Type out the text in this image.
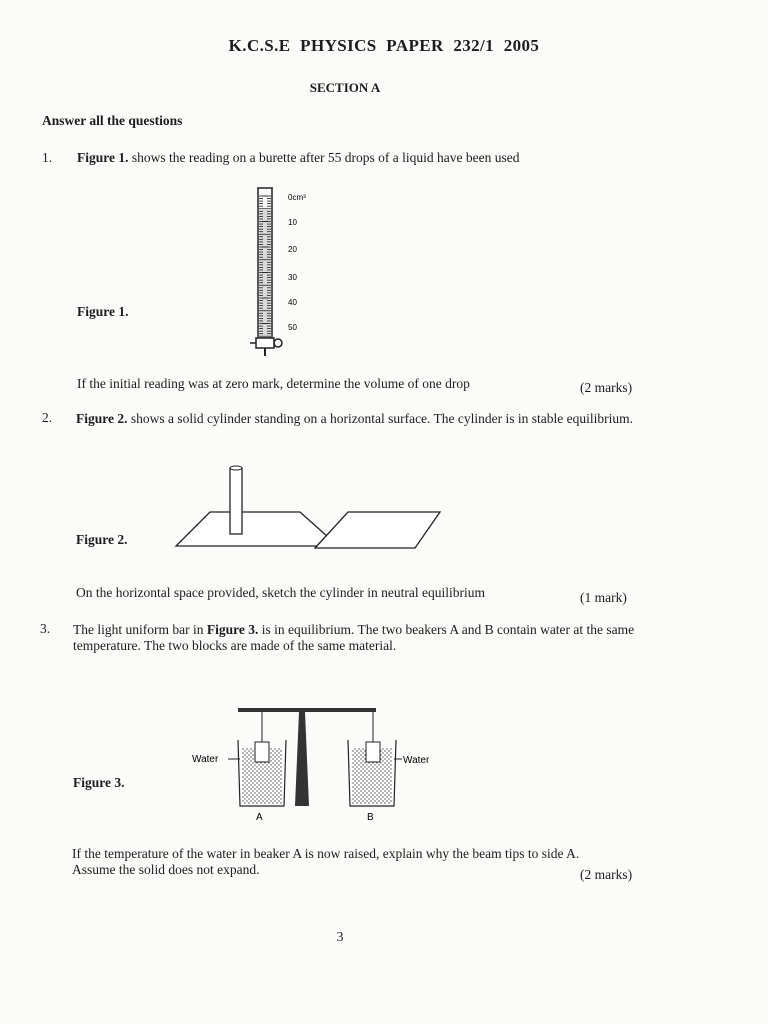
K.C.S.E PHYSICS PAPER 232/1 2005
SECTION A
Answer all the questions
1. Figure 1. shows the reading on a burette after 55 drops of a liquid have been used
0cm³
10
20
30
40
50
Figure 1.
If the initial reading was at zero mark, determine the volume of one drop	(2 marks)
2. Figure 2. shows a solid cylinder standing on a horizontal surface. The cylinder is in stable equilibrium.
Figure 2.
On the horizontal space provided, sketch the cylinder in neutral equilibrium	(1 mark)
3. The light uniform bar in Figure 3. is in equilibrium. The two beakers A and B contain water at the same temperature. The two blocks are made of the same material.
Water	Water
A	B
Figure 3.
If the temperature of the water in beaker A is now raised, explain why the beam tips to side A.
Assume the solid does not expand.	(2 marks)
3
